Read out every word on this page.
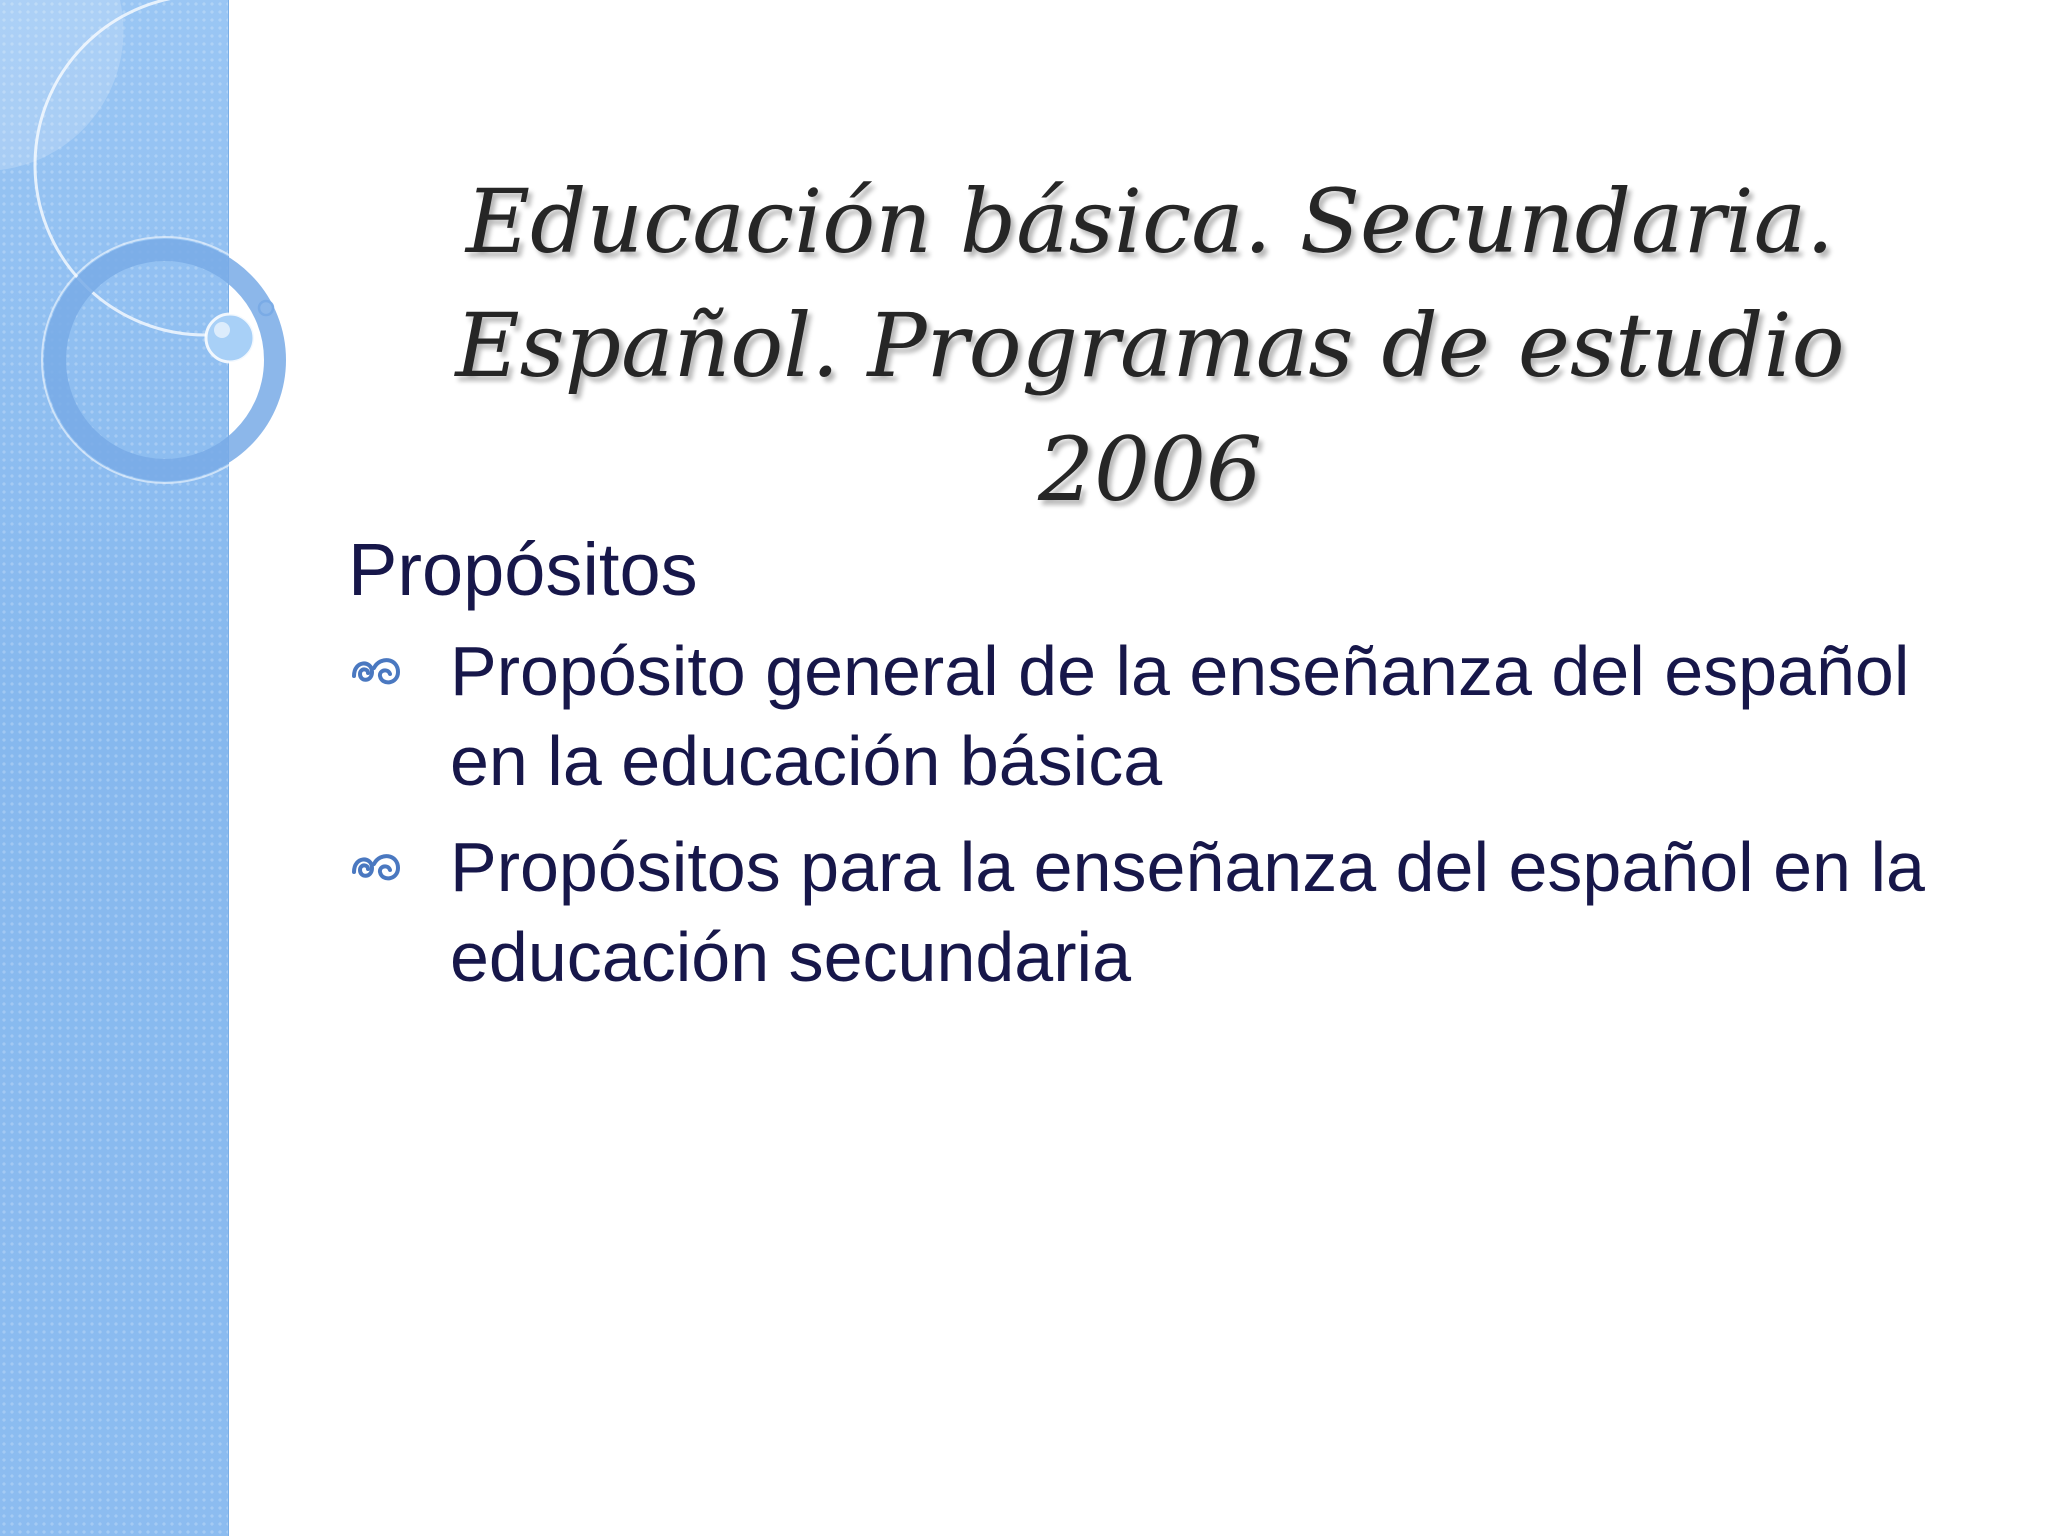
Educación básica. Secundaria.
Español. Programas de estudio 2006
Propósitos
Propósito general de la enseñanza del español en la educación básica
Propósitos para la enseñanza del español en la educación secundaria
